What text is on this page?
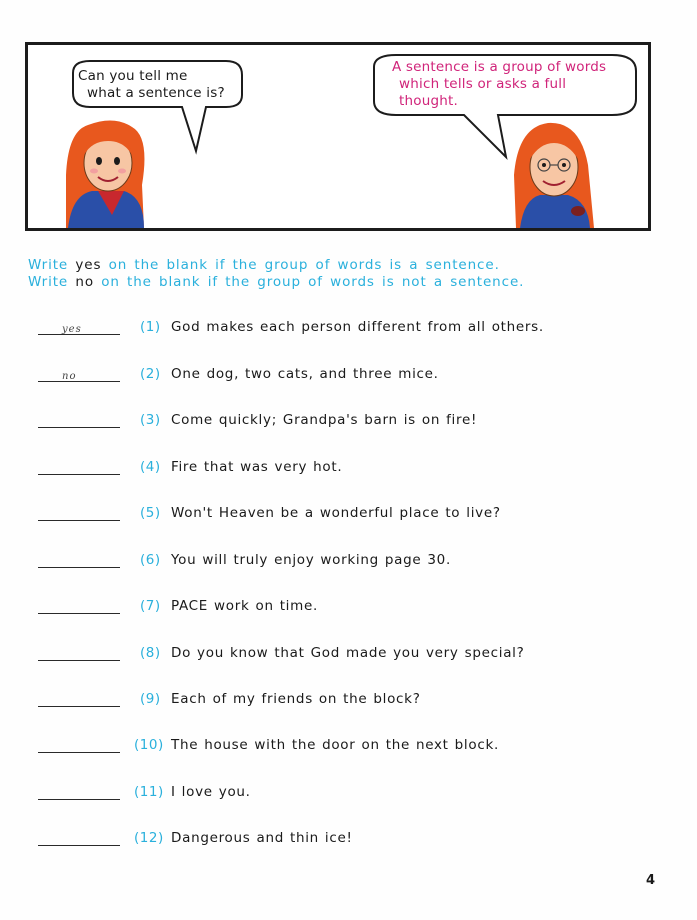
Can you tell me
what a sentence is?
A sentence is a group of words
which tells or asks a full
thought.
Write yes on the blank if the group of words is a sentence.
Write no on the blank if the group of words is not a sentence.
yes	(1) God makes each person different from all others.
no	(2) One dog, two cats, and three mice.
(3) Come quickly; Grandpa's barn is on fire!
(4) Fire that was very hot.
(5) Won't Heaven be a wonderful place to live?
(6) You will truly enjoy working page 30.
(7) PACE work on time.
(8) Do you know that God made you very special?
(9) Each of my friends on the block?
(10) The house with the door on the next block.
(11) I love you.
(12) Dangerous and thin ice!
4
